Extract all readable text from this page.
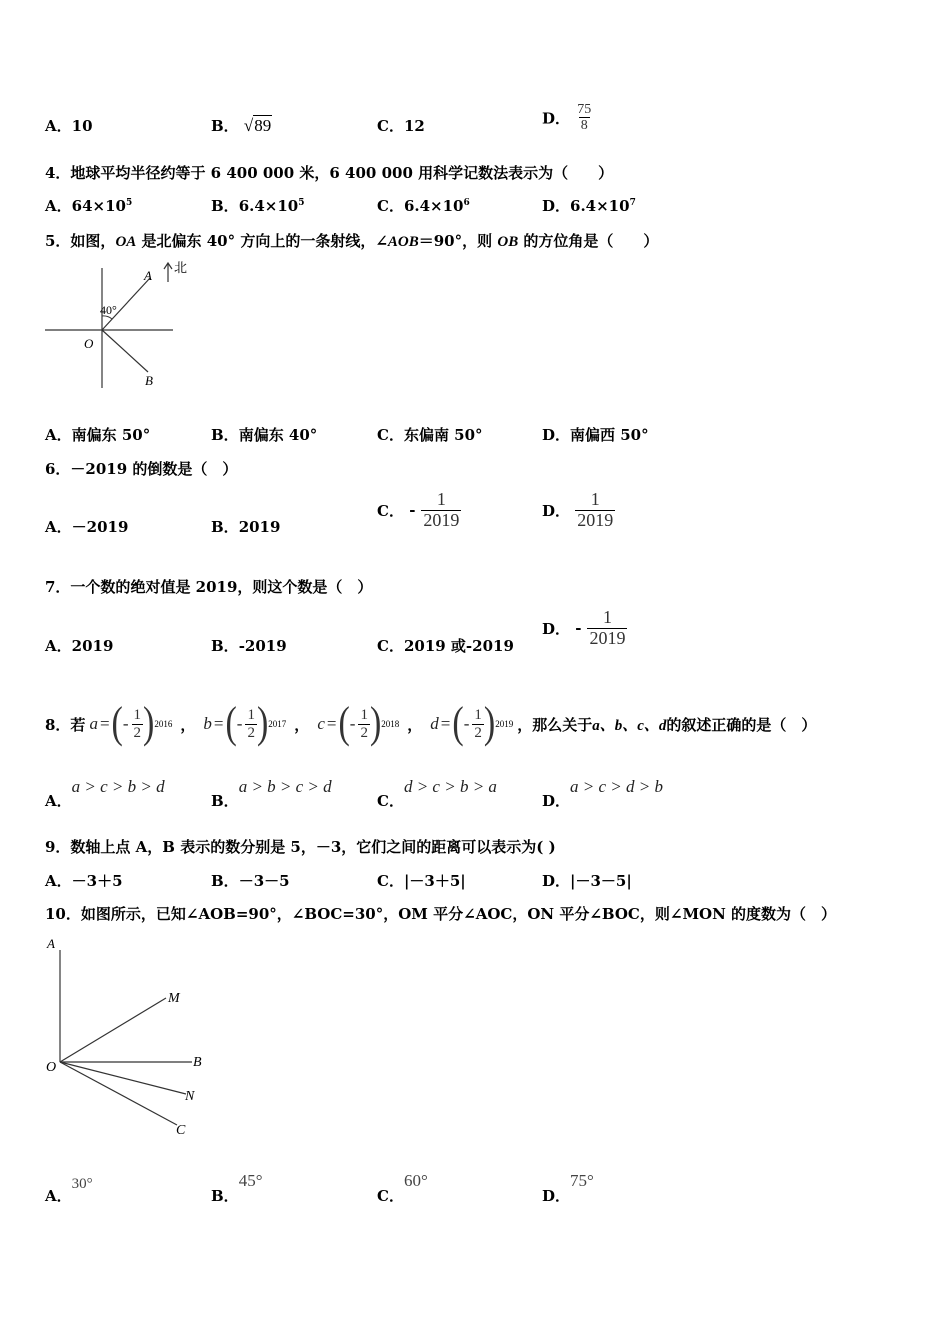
A．10	B． √89	C．12	D． $\frac{75}{8}$
4．地球平均半径约等于 6 400 000 米，6 400 000 用科学记数法表示为（　　）
A．$64\times 10^5$	B．$6.4\times 10^5$	C．$6.4\times 10^6$	D．$6.4\times 10^7$
5．如图，OA 是北偏东 40° 方向上的一条射线，∠AOB＝90°，则 OB 的方位角是（　　）
北
A
40°
O
B
A．南偏东 50°	B．南偏东 40°	C．东偏南 50°	D．南偏西 50°
6．－2019 的倒数是（　）
A．－2019	B．2019
C． - $\frac{1}{2019}$	D． $\frac{1}{2019}$
7．一个数的绝对值是 2019，则这个数是（　）
A．2019	B．-2019	C．2019 或-2019
D． - $\frac{1}{2019}$
8．若 a = ( - $\frac{1}{2}$ ) 2016 ， b = ( - $\frac{1}{2}$ ) 2017 ， c = ( - $\frac{1}{2}$ ) 2018 ， d = ( - $\frac{1}{2}$ ) 2019 ，那么关于 a、b、c、d 的叙述正确的是（　）
A．a > c > b > d
B．a > b > c > d
C．d > c > b > a
D．a > c > d > b
9．数轴上点 A，B 表示的数分别是 5，－3，它们之间的距离可以表示为( )
A．－3＋5	B．－3－5	C．|－3＋5|	D．|－3－5|
10．如图所示，已知∠AOB=90°，∠BOC=30°，OM 平分∠AOC，ON 平分∠BOC，则∠MON 的度数为（　）
A
M
O	B
N
C
A．30°
B．45°
C．60°
D．75°
